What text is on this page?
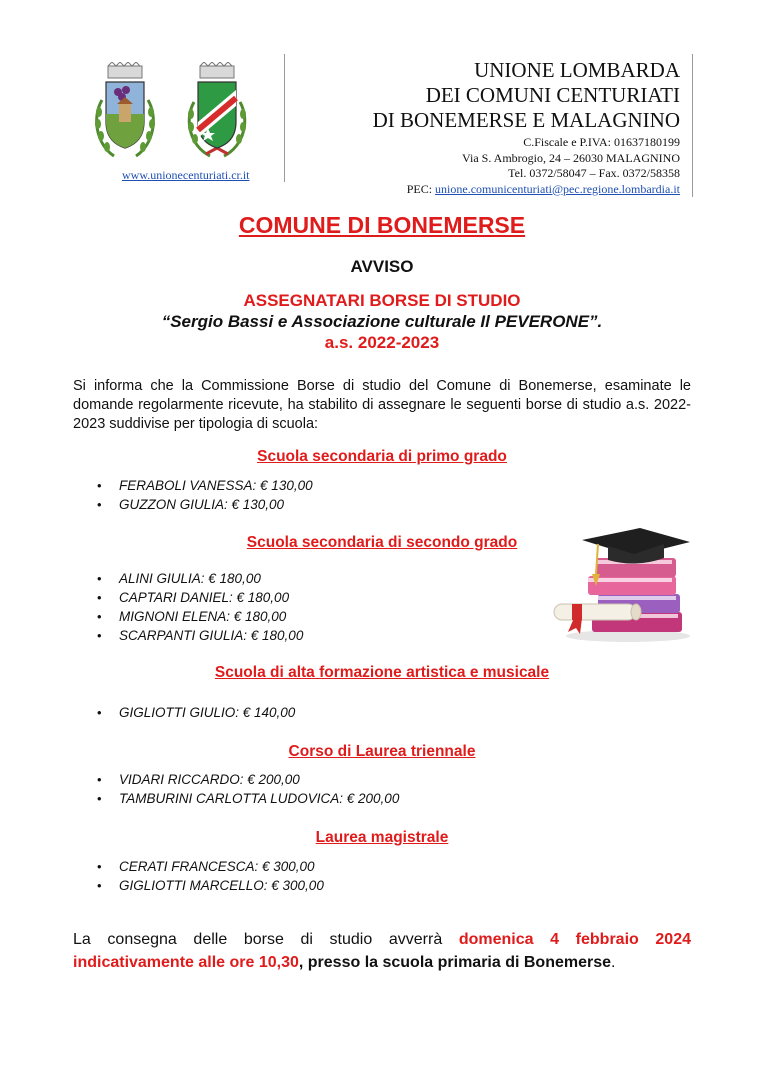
www.unionecenturiati.cr.it
UNIONE LOMBARDA
DEI COMUNI CENTURIATI
DI BONEMERSE E MALAGNINO
C.Fiscale e P.IVA: 01637180199
Via S. Ambrogio, 24 – 26030 MALAGNINO
Tel. 0372/58047 – Fax. 0372/58358
PEC: unione.comunicenturiati@pec.regione.lombardia.it
COMUNE DI BONEMERSE
AVVISO
ASSEGNATARI BORSE DI STUDIO
“Sergio Bassi e Associazione culturale Il PEVERONE”.
a.s. 2022-2023
Si informa che la Commissione Borse di studio del Comune di Bonemerse, esaminate le domande regolarmente ricevute, ha stabilito di assegnare le seguenti borse di studio a.s. 2022-2023 suddivise per tipologia di scuola:
Scuola secondaria di primo grado
• FERABOLI VANESSA: € 130,00
• GUZZON GIULIA: € 130,00
Scuola secondaria di secondo grado
• ALINI GIULIA: € 180,00
• CAPTARI DANIEL: € 180,00
• MIGNONI ELENA: € 180,00
• SCARPANTI GIULIA: € 180,00
Scuola di alta formazione artistica e musicale
• GIGLIOTTI GIULIO: € 140,00
Corso di Laurea triennale
• VIDARI RICCARDO: € 200,00
• TAMBURINI CARLOTTA LUDOVICA: € 200,00
Laurea magistrale
• CERATI FRANCESCA: € 300,00
• GIGLIOTTI MARCELLO: € 300,00
La consegna delle borse di studio avverrà domenica 4 febbraio 2024 indicativamente alle ore 10,30, presso la scuola primaria di Bonemerse.
